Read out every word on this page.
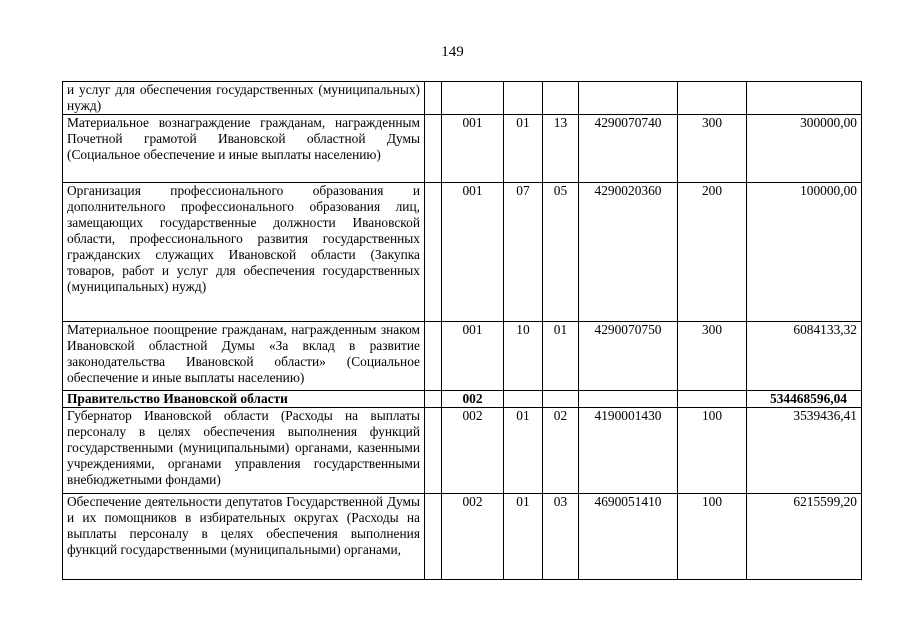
149
и услуг для обеспечения государственных (муниципальных) нужд)							
Материальное вознаграждение гражданам, награжденным Почетной грамотой Ивановской областной Думы (Социальное обеспечение и иные выплаты населению)		001	01	13	4290070740	300	300000,00
Организация профессионального образования и дополнительного профессионального образования лиц, замещающих государственные должности Ивановской области, профессионального развития государственных гражданских служащих Ивановской области (Закупка товаров, работ и услуг для обеспечения государственных (муниципальных) нужд)		001	07	05	4290020360	200	100000,00
Материальное поощрение гражданам, награжденным знаком Ивановской областной Думы «За вклад в развитие законодательства Ивановской области» (Социальное обеспечение и иные выплаты населению)		001	10	01	4290070750	300	6084133,32
Правительство Ивановской области		002					534468596,04
Губернатор Ивановской области (Расходы на выплаты персоналу в целях обеспечения выполнения функций государственными (муниципальными) органами, казенными учреждениями, органами управления государственными внебюджетными фондами)		002	01	02	4190001430	100	3539436,41
Обеспечение деятельности депутатов Государственной Думы и их помощников в избирательных округах (Расходы на выплаты персоналу в целях обеспечения выполнения функций государственными (муниципальными) органами,		002	01	03	4690051410	100	6215599,20
